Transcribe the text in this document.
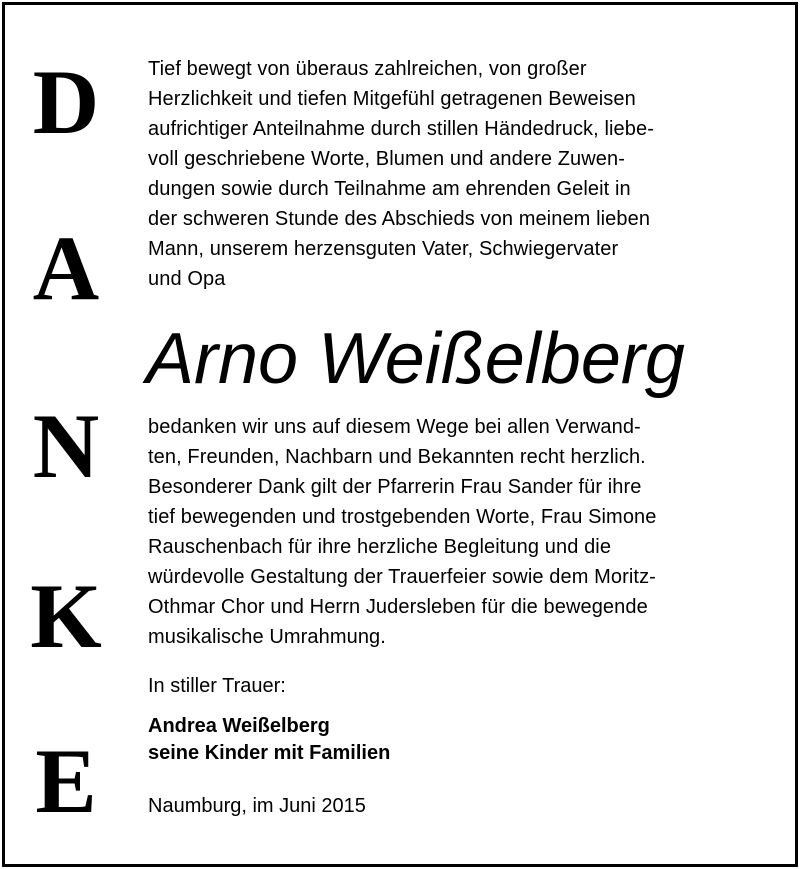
D
A
N
K
E
Tief bewegt von überaus zahlreichen, von großer
Herzlichkeit und tiefen Mitgefühl getragenen Beweisen
aufrichtiger Anteilnahme durch stillen Händedruck, liebe-
voll geschriebene Worte, Blumen und andere Zuwen-
dungen sowie durch Teilnahme am ehrenden Geleit in
der schweren Stunde des Abschieds von meinem lieben
Mann, unserem herzensguten Vater, Schwiegervater
und Opa
Arno Weißelberg
bedanken wir uns auf diesem Wege bei allen Verwand-
ten, Freunden, Nachbarn und Bekannten recht herzlich.
Besonderer Dank gilt der Pfarrerin Frau Sander für ihre
tief bewegenden und trostgebenden Worte, Frau Simone
Rauschenbach für ihre herzliche Begleitung und die
würdevolle Gestaltung der Trauerfeier sowie dem Moritz-
Othmar Chor und Herrn Judersleben für die bewegende
musikalische Umrahmung.
In stiller Trauer:
Andrea Weißelberg
seine Kinder mit Familien
Naumburg, im Juni 2015
